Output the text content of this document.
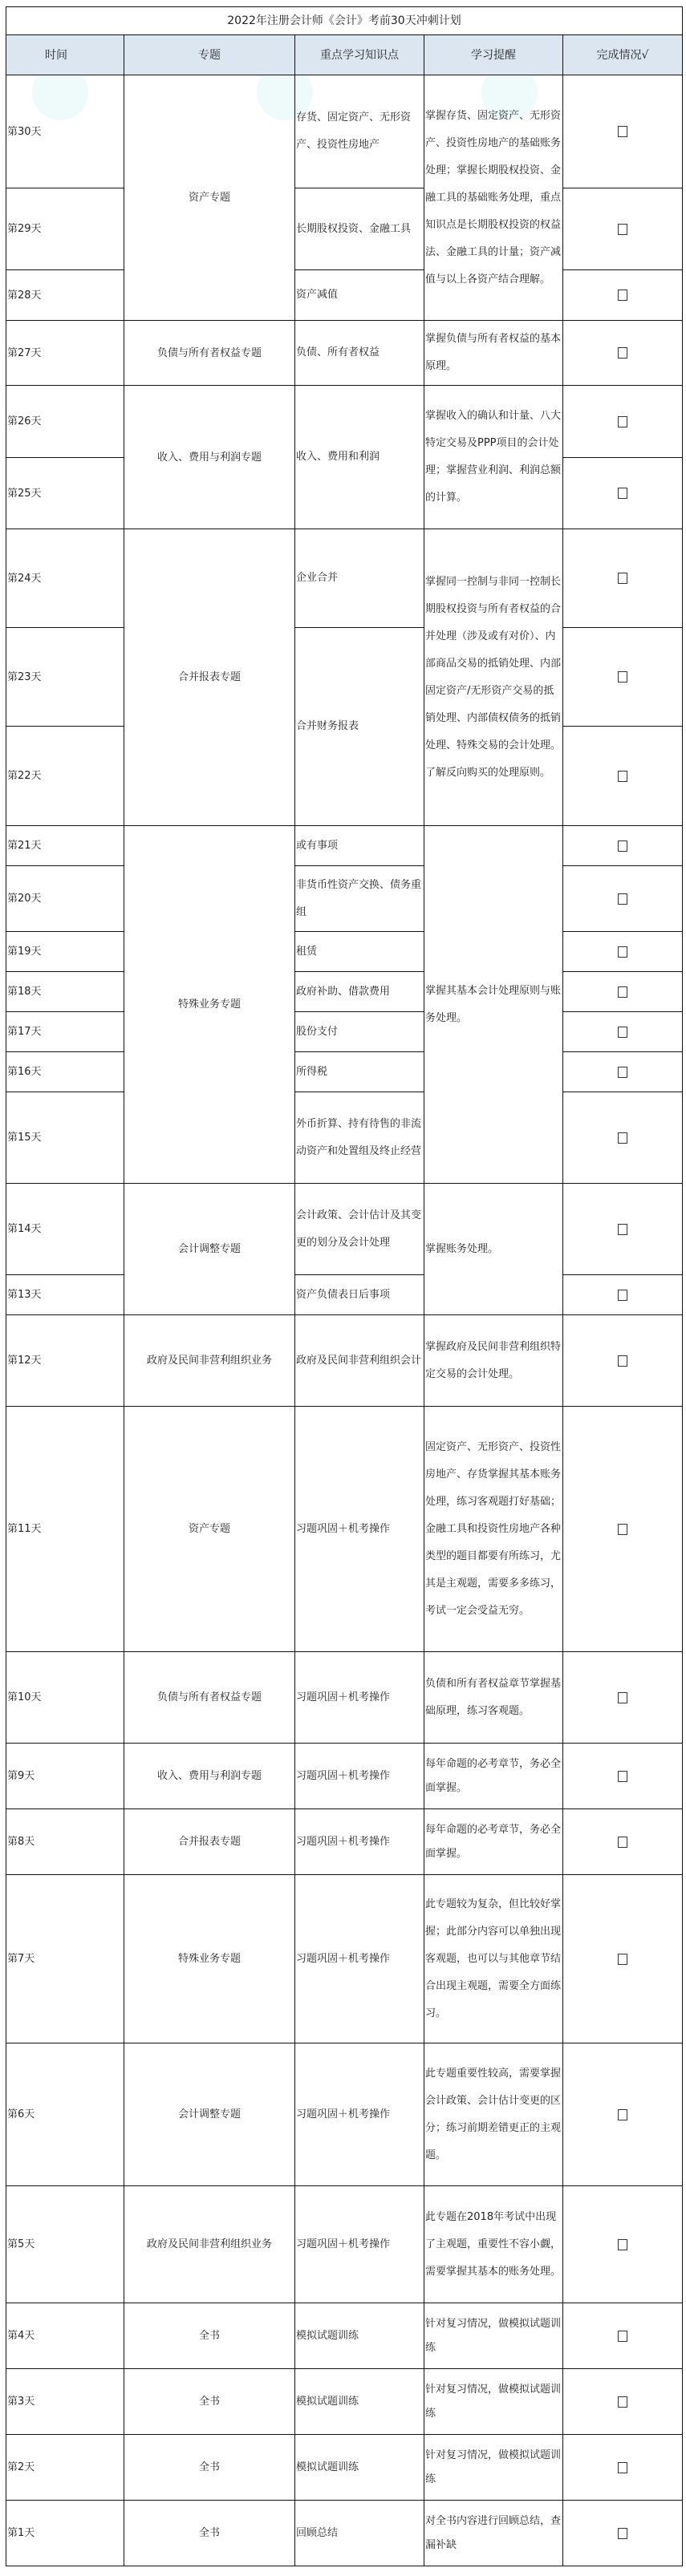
2022年注册会计师《会计》考前30天冲刺计划				
时间	专题	重点学习知识点	学习提醒	完成情况√
第30天	资产专题	存货、固定资产、无形资产、投资性房地产	掌握存货、固定资产、无形资产、投资性房地产的基础账务处理；掌握长期股权投资、金融工具的基础账务处理，重点知识点是长期股权投资的权益法、金融工具的计量；资产减值与以上各资产结合理解。	
第29天		长期股权投资、金融工具		
第28天		资产减值		
第27天	负债与所有者权益专题	负债、所有者权益	掌握负债与所有者权益的基本原理。	
第26天	收入、费用与利润专题	收入、费用和利润	掌握收入的确认和计量、八大特定交易及PPP项目的会计处理；掌握营业利润、利润总额的计算。	
第25天				
第24天	合并报表专题	企业合并	掌握同一控制与非同一控制长期股权投资与所有者权益的合并处理（涉及或有对价）、内部商品交易的抵销处理、内部固定资产/无形资产交易的抵销处理、内部债权债务的抵销处理、特殊交易的会计处理。了解反向购买的处理原则。	
第23天		合并财务报表		
第22天				
第21天	特殊业务专题	或有事项	掌握其基本会计处理原则与账务处理。	
第20天		非货币性资产交换、债务重组		
第19天		租赁		
第18天		政府补助、借款费用		
第17天		股份支付		
第16天		所得税		
第15天		外币折算、持有待售的非流动资产和处置组及终止经营		
第14天	会计调整专题	会计政策、会计估计及其变更的划分及会计处理	掌握账务处理。	
第13天		资产负债表日后事项		
第12天	政府及民间非营利组织业务	政府及民间非营利组织会计	掌握政府及民间非营利组织特定交易的会计处理。	
第11天	资产专题	习题巩固＋机考操作	固定资产、无形资产、投资性房地产、存货掌握其基本账务处理，练习客观题打好基础；金融工具和投资性房地产各种类型的题目都要有所练习，尤其是主观题，需要多多练习，考试一定会受益无穷。	
第10天	负债与所有者权益专题	习题巩固＋机考操作	负债和所有者权益章节掌握基础原理，练习客观题。	
第9天	收入、费用与利润专题	习题巩固＋机考操作	每年命题的必考章节，务必全面掌握。	
第8天	合并报表专题	习题巩固＋机考操作	每年命题的必考章节，务必全面掌握。	
第7天	特殊业务专题	习题巩固＋机考操作	此专题较为复杂，但比较好掌握；此部分内容可以单独出现客观题，也可以与其他章节结合出现主观题，需要全方面练习。	
第6天	会计调整专题	习题巩固＋机考操作	此专题重要性较高，需要掌握会计政策、会计估计变更的区分；练习前期差错更正的主观题。	
第5天	政府及民间非营利组织业务	习题巩固＋机考操作	此专题在2018年考试中出现了主观题，重要性不容小觑，需要掌握其基本的账务处理。	
第4天	全书	模拟试题训练	针对复习情况，做模拟试题训练	
第3天	全书	模拟试题训练	针对复习情况，做模拟试题训练	
第2天	全书	模拟试题训练	针对复习情况，做模拟试题训练	
第1天	全书	回顾总结	对全书内容进行回顾总结，查漏补缺	
